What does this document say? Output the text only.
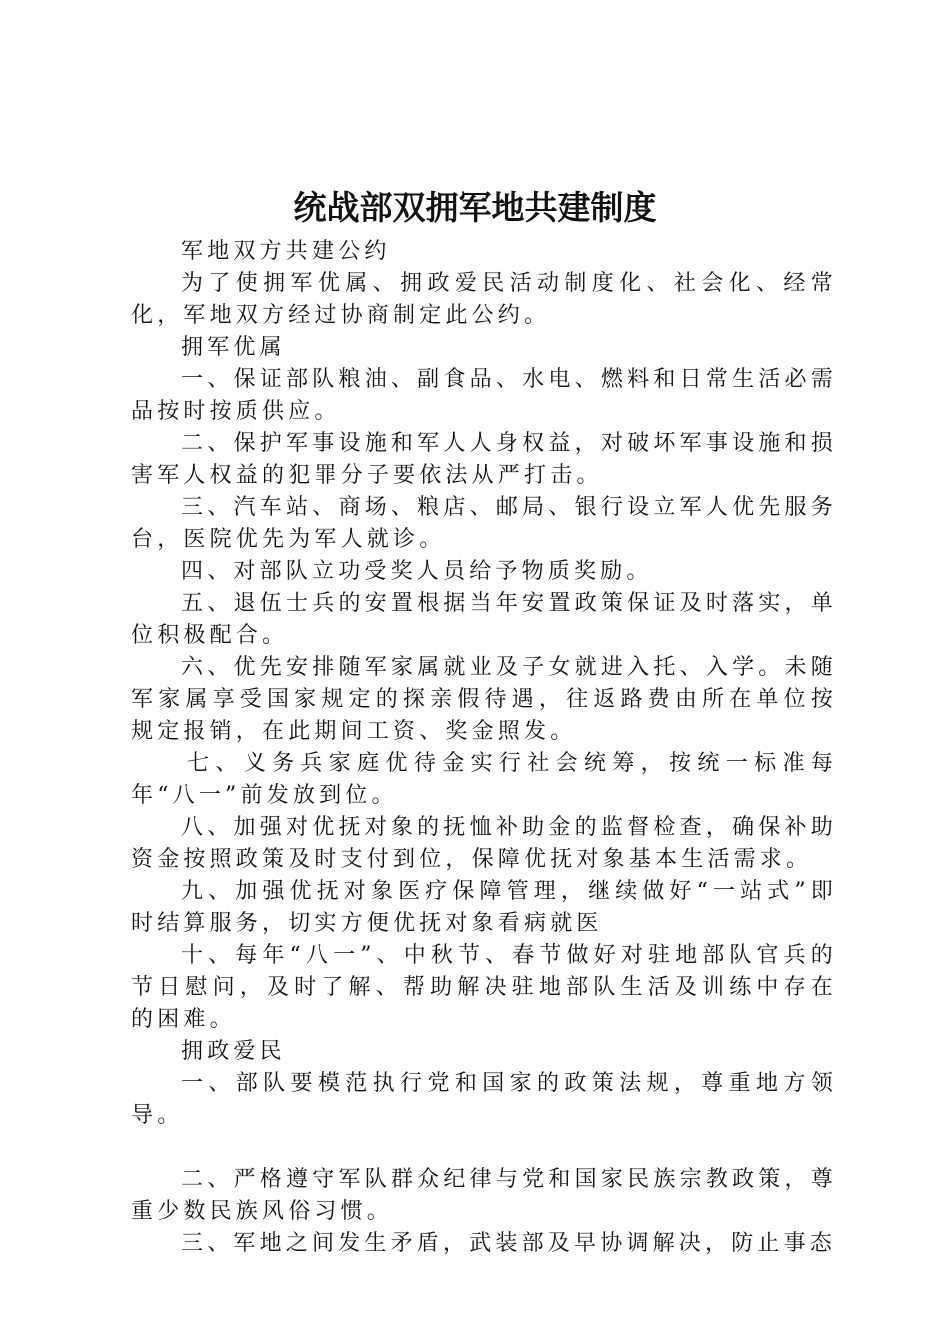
统战部双拥军地共建制度

军地双方共建公约

为了使拥军优属、拥政爱民活动制度化、社会化、经常化，军地双方经过协商制定此公约。

拥军优属

一、保证部队粮油、副食品、水电、燃料和日常生活必需品按时按质供应。

二、保护军事设施和军人人身权益，对破坏军事设施和损害军人权益的犯罪分子要依法从严打击。

三、汽车站、商场、粮店、邮局、银行设立军人优先服务台，医院优先为军人就诊。

四、对部队立功受奖人员给予物质奖励。

五、退伍士兵的安置根据当年安置政策保证及时落实，单位积极配合。

六、优先安排随军家属就业及子女就进入托、入学。未随军家属享受国家规定的探亲假待遇，往返路费由所在单位按规定报销，在此期间工资、奖金照发。

七、义务兵家庭优待金实行社会统筹，按统一标准每年“八一”前发放到位。

八、加强对优抚对象的抚恤补助金的监督检查，确保补助资金按照政策及时支付到位，保障优抚对象基本生活需求。

九、加强优抚对象医疗保障管理，继续做好“一站式”即时结算服务，切实方便优抚对象看病就医

十、每年“八一”、中秋节、春节做好对驻地部队官兵的节日慰问，及时了解、帮助解决驻地部队生活及训练中存在的困难。

拥政爱民

一、部队要模范执行党和国家的政策法规，尊重地方领导。

二、严格遵守军队群众纪律与党和国家民族宗教政策，尊重少数民族风俗习惯。

三、军地之间发生矛盾，武装部及早协调解决，防止事态
